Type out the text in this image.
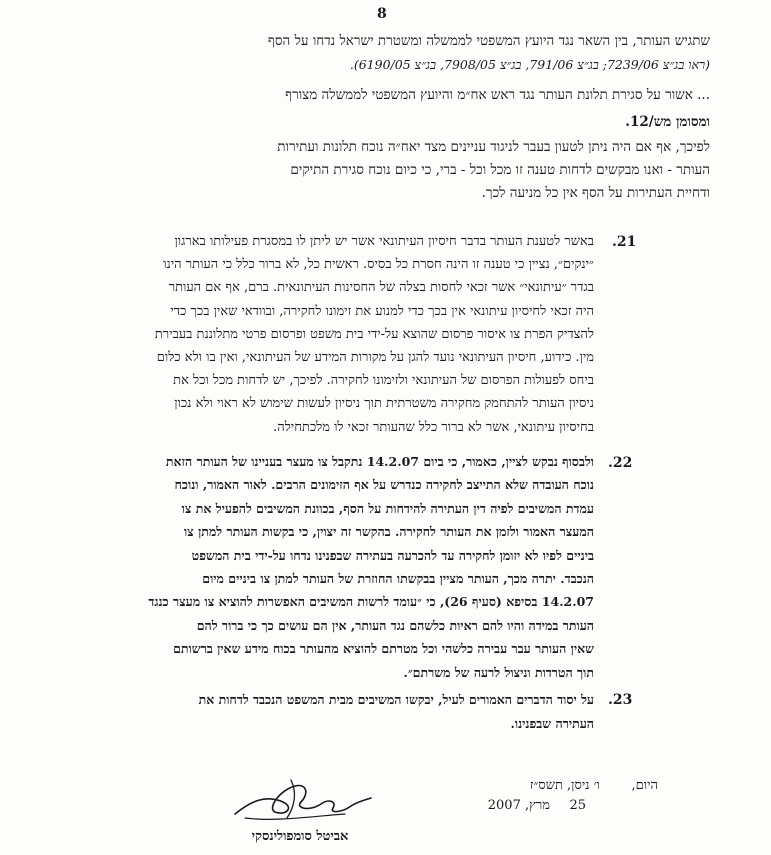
8
שתגיש העותר, בין השאר נגד היועץ המשפטי לממשלה ומשטרת ישראל נדחו על הסף
(ראו בג״צ 7239/06; בג״צ 791/06, בג״צ 7908/05, בג״צ 6190/05).
... אשור על סגירת תלונת העותר נגד ראש אח״מ והיועץ המשפטי לממשלה מצורף
ומסומן מש/12.
לפיכך, אף אם היה ניתן לטעון בעבר לניגוד עניינים מצד יאח״ה נוכח תלונות ועתירות
העותר - ואנו מבקשים לדחות טענה זו מכל וכל - ברי, כי כיום נוכח סגירת התיקים
ודחיית העתירות על הסף אין כל מניעה לכך.
.21
באשר לטענת העותר בדבר חיסיון העיתונאי אשר יש ליתן לו במסגרת פעילותו בארגון
״ינקים״, נציין כי טענה זו הינה חסרת כל בסיס. ראשית כל, לא ברור כלל כי העותר הינו
בגדר ״עיתונאי״ אשר זכאי לחסות בצלה של החסינות העיתונאית. ברם, אף אם העותר
היה זכאי לחיסיון עיתונאי אין בכך כדי למנוע את זימונו לחקירה, ובוודאי שאין בכך כדי
להצדיק הפרת צו איסור פרסום שהוצא על-ידי בית משפט ופרסום פרטי מתלוננת בעבירת
מין. כידוע, חיסיון העיתונאי נועד להגן על מקורות המידע של העיתונאי, ואין בו ולא כלום
ביחס לפעולות הפרסום של העיתונאי ולזימונו לחקירה. לפיכך, יש לדחות מכל וכל את
ניסיון העותר להתחמק מחקירה משטרתית תוך ניסיון לעשות שימוש לא ראוי ולא נכון
בחיסיון עיתונאי, אשר לא ברור כלל שהעותר זכאי לו מלכתחילה.
.22
ולבסוף נבקש לציין, כאמור, כי ביום 14.2.07 נתקבל צו מעצר בעניינו של העותר הזאת
נוכח העובדה שלא התייצב לחקירה כנדרש על אף הזימונים הרבים. לאור האמור, ונוכח
עמדת המשיבים לפיה דין העתירה להידחות על הסף, בכוונת המשיבים להפעיל את צו
המעצר האמור ולזמן את העותר לחקירה. בהקשר זה יצוין, כי בקשות העותר למתן צו
ביניים לפיו לא יזומן לחקירה עד להכרעה בעתירה שבפנינו נדחו על-ידי בית המשפט
הנכבד. יתרה מכך, העותר מציין בבקשתו החוזרת של העותר למתן צו ביניים מיום
14.2.07 בסיפא (סעיף 26), כי ״עומד לרשות המשיבים האפשרות להוציא צו מעצר כנגד
העותר במידה והיו להם ראיות כלשהם נגד העותר, אין הם עושים כך כי ברור להם
שאין העותר עבר עבירה כלשהי וכל מטרתם להוציא מהעותר בכוח מידע שאין ברשותם
תוך הטרדות וניצול לרעה של משרתם״.
.23
על יסוד הדברים האמורים לעיל, יבקשו המשיבים מבית המשפט הנכבד לדחות את
העתירה שבפנינו.
היום,
ו׳ ניסן, תשס״ז
25
מרץ, 2007
אביטל סומפולינסקי
